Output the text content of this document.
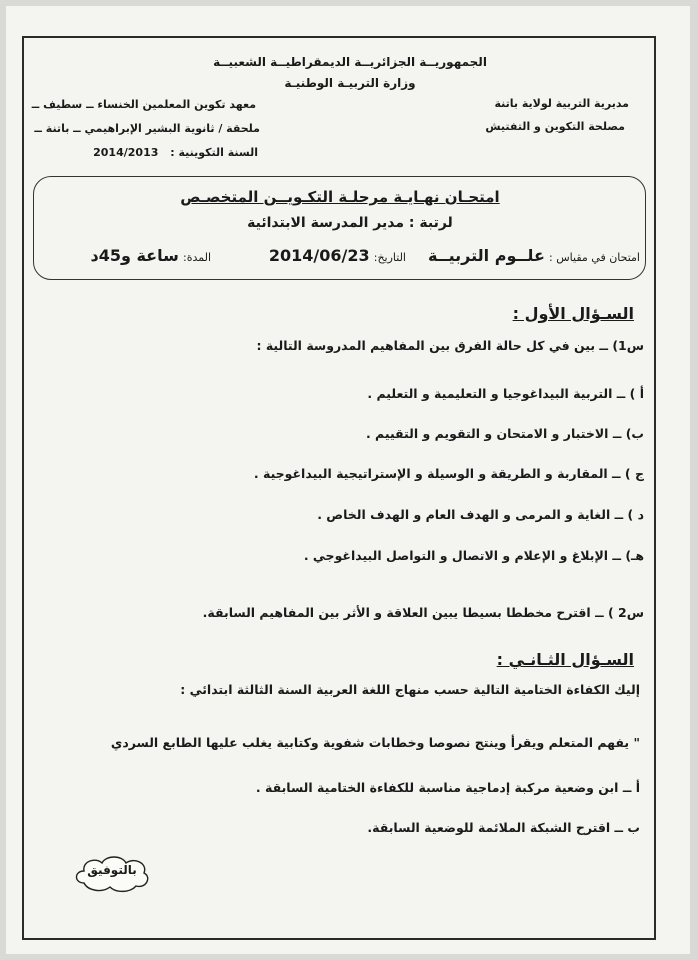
الجمهوريــة الجزائريــة الديمقراطيــة الشعبيــة
وزارة التربيـة الوطنيـة
مديرية التربية لولاية باتنة
مصلحة التكوين و التفتيش
معهد تكوين المعلمين الخنساء ــ سطيف ــ
ملحقة / ثانوية البشير الإبراهيمي ــ باتنة ــ
السنة التكوينية : 2014/2013
امتحـان نهـايـة مرحلـة التكـويــن المتخصـص
لرتبة : مدير المدرسة الابتدائية
امتحان في مقياس : علــوم التربيــة
التاريخ: 2014/06/23
المدة: ساعة و45د
السـؤال الأول :
س1) ــ بين في كل حالة الفرق بين المفاهيم المدروسة التالية :
أ ) ــ التربية البيداغوجيا و التعليمية و التعليم .
ب) ــ الاختبار و الامتحان و التقويم و التقييم .
ج ) ــ المقاربة و الطريقة و الوسيلة و الإستراتيجية البيداغوجية .
د ) ــ الغاية و المرمى و الهدف العام و الهدف الخاص .
هـ) ــ الإبلاغ و الإعلام و الاتصال و التواصل البيداغوجي .
س2 ) ــ اقترح مخططا بسيطا يبين العلاقة و الأثر بين المفاهيم السابقة.
السـؤال الثـانـي :
إليك الكفاءة الختامية التالية حسب منهاج اللغة العربية السنة الثالثة ابتدائي :
" يفهم المتعلم ويقرأ وينتج نصوصا وخطابات شفوية وكتابية يغلب عليها الطابع السردي
أ ــ ابن وضعية مركبة إدماجية مناسبة للكفاءة الختامية السابقة .
ب ــ اقترح الشبكة الملائمة للوضعية السابقة.
بالتوفيق
